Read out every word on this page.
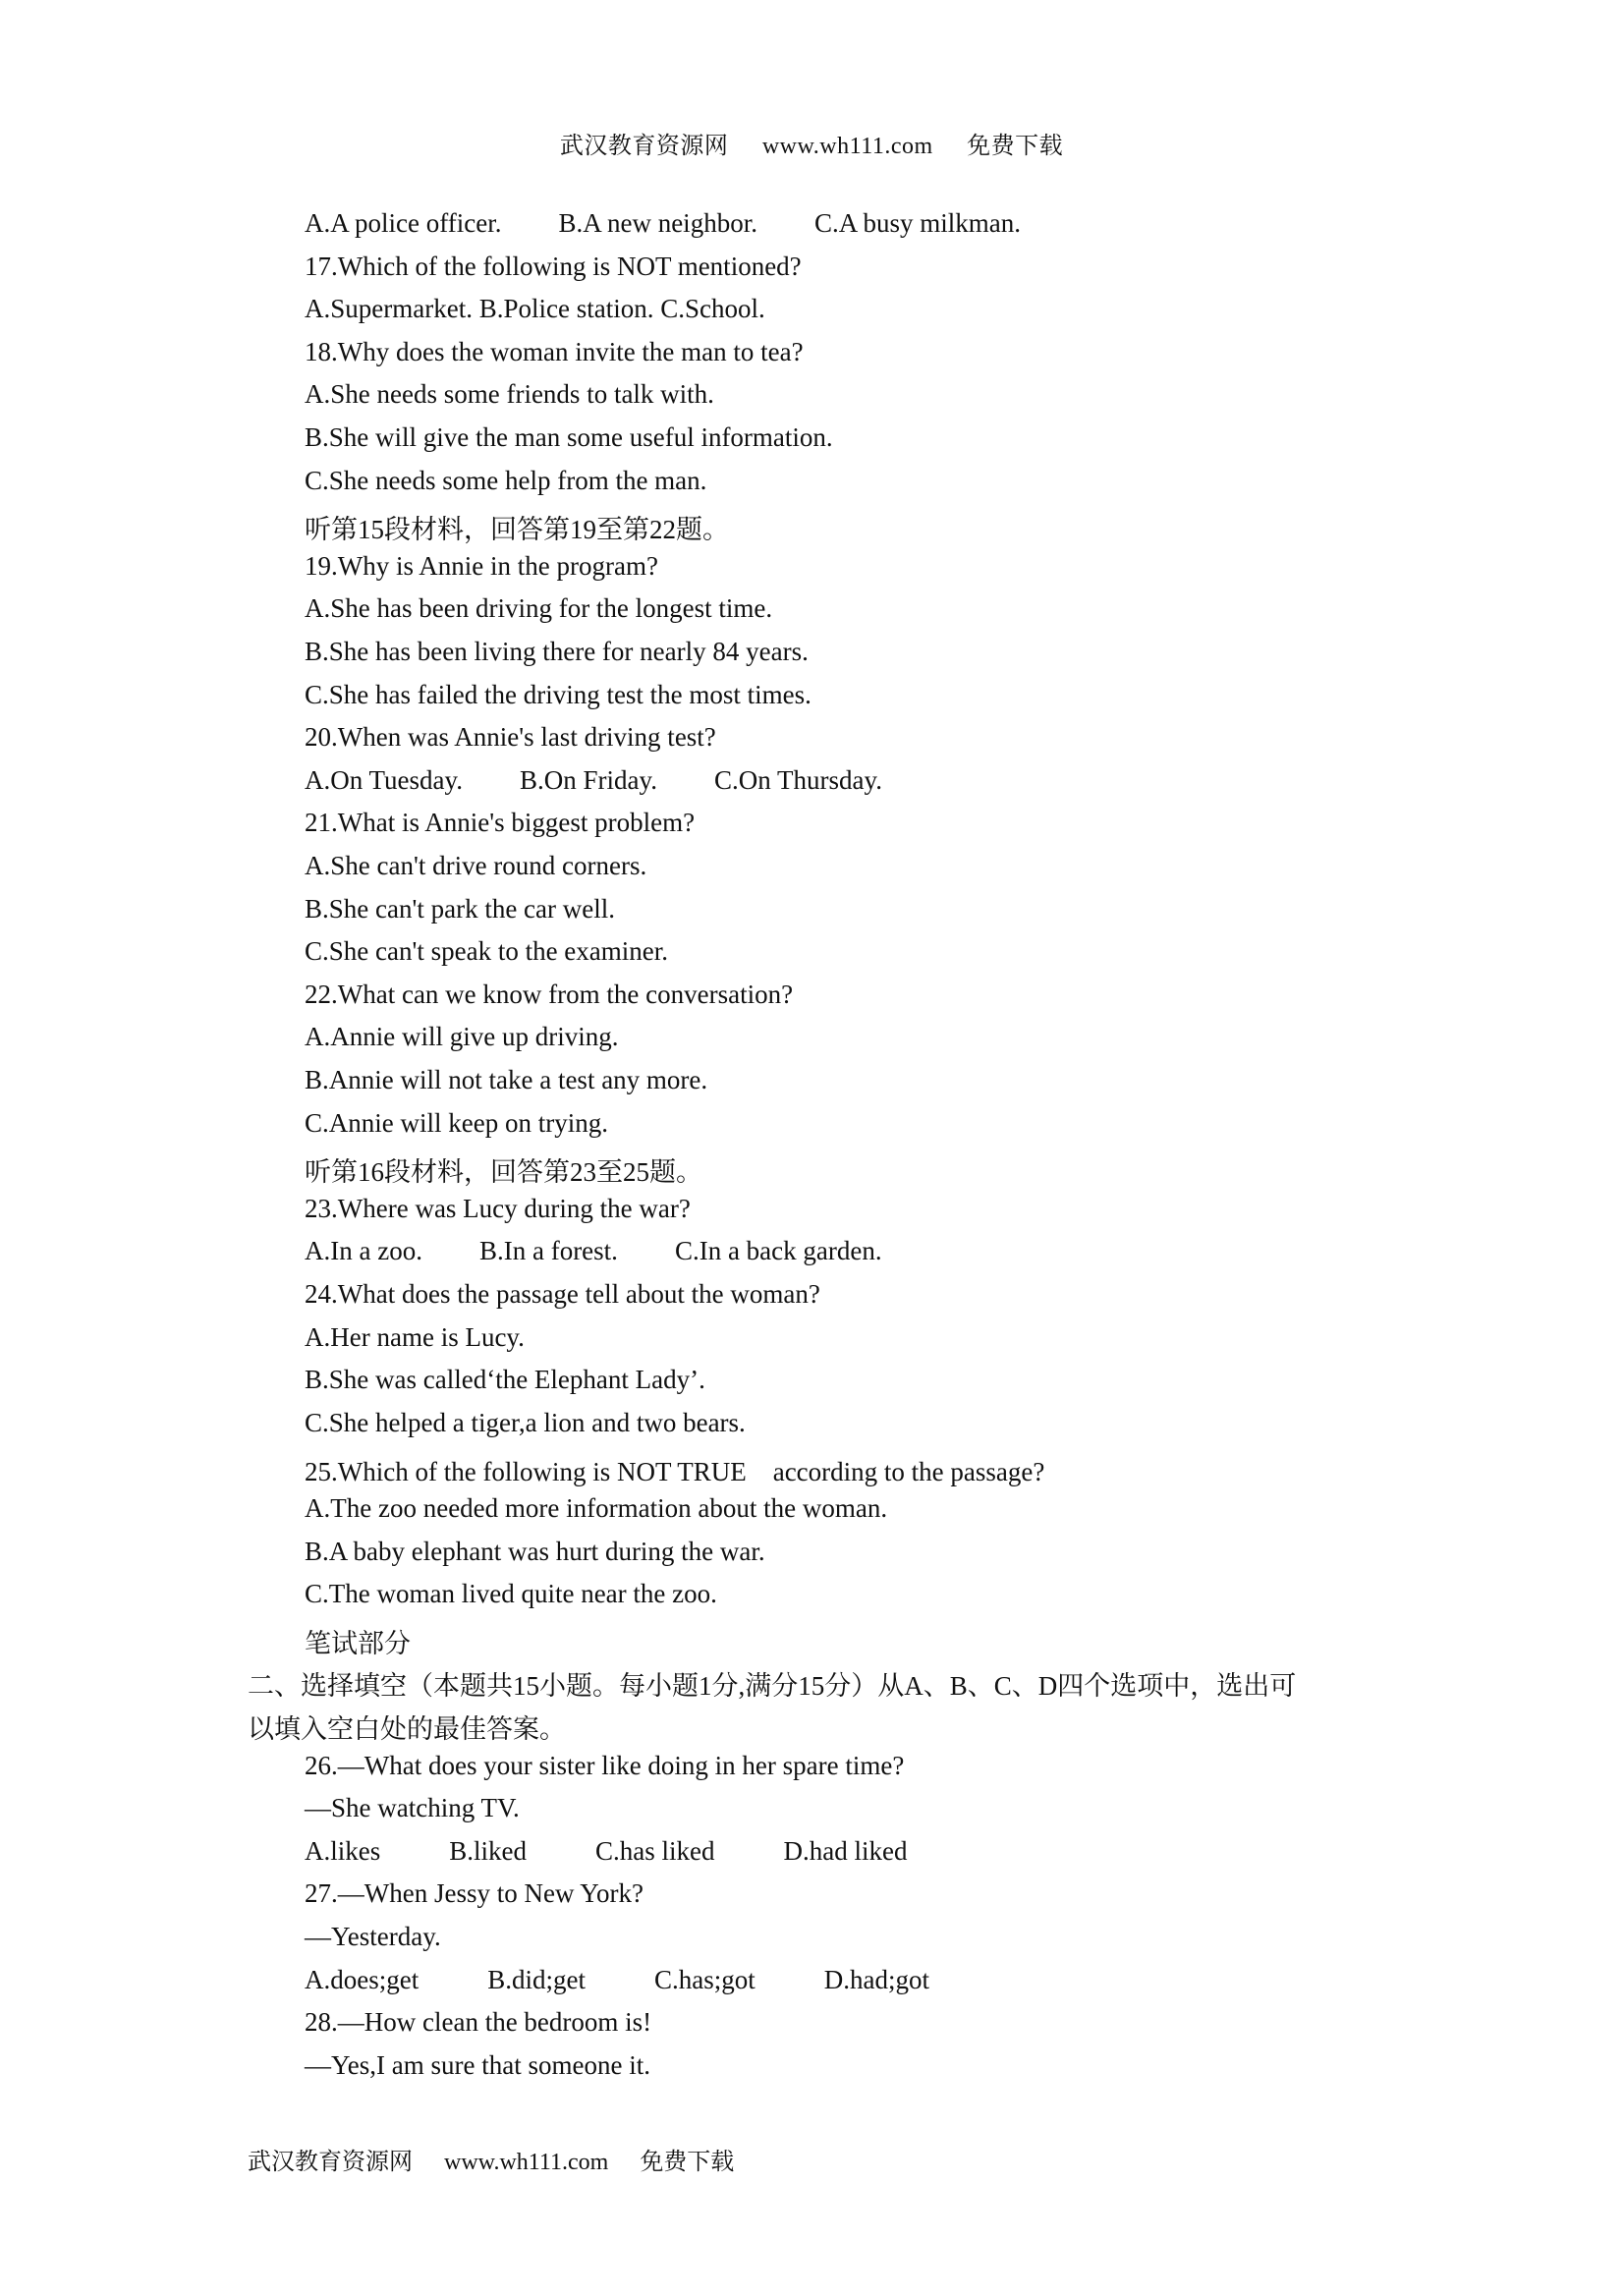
武汉教育资源网 www.wh111.com 免费下载
A.A police officer. B.A new neighbor. C.A busy milkman.
17.Which of the following is NOT mentioned?
A.Supermarket. B.Police station. C.School.
18.Why does the woman invite the man to tea?
A.She needs some friends to talk with.
B.She will give the man some useful information.
C.She needs some help from the man.
听第15段材料，回答第19至第22题。
19.Why is Annie in the program?
A.She has been driving for the longest time.
B.She has been living there for nearly 84 years.
C.She has failed the driving test the most times.
20.When was Annie's last driving test?
A.On Tuesday. B.On Friday. C.On Thursday.
21.What is Annie's biggest problem?
A.She can't drive round corners.
B.She can't park the car well.
C.She can't speak to the examiner.
22.What can we know from the conversation?
A.Annie will give up driving.
B.Annie will not take a test any more.
C.Annie will keep on trying.
听第16段材料，回答第23至25题。
23.Where was Lucy during the war?
A.In a zoo. B.In a forest. C.In a back garden.
24.What does the passage tell about the woman?
A.Her name is Lucy.
B.She was called‘the Elephant Lady’.
C.She helped a tiger,a lion and two bears.
25.Which of the following is NOT TRUE　according to the passage?
A.The zoo needed more information about the woman.
B.A baby elephant was hurt during the war.
C.The woman lived quite near the zoo.
笔试部分
二、选择填空（本题共15小题。每小题1分,满分15分）从A、B、C、D四个选项中，选出可
以填入空白处的最佳答案。
26.—What does your sister like doing in her spare time?
—She watching TV.
A.likes	B.liked	C.has liked	D.had liked
27.—When Jessy to New York?
—Yesterday.
A.does;get	B.did;get	C.has;got	D.had;got
28.—How clean the bedroom is!
—Yes,I am sure that someone it.
武汉教育资源网 www.wh111.com 免费下载
